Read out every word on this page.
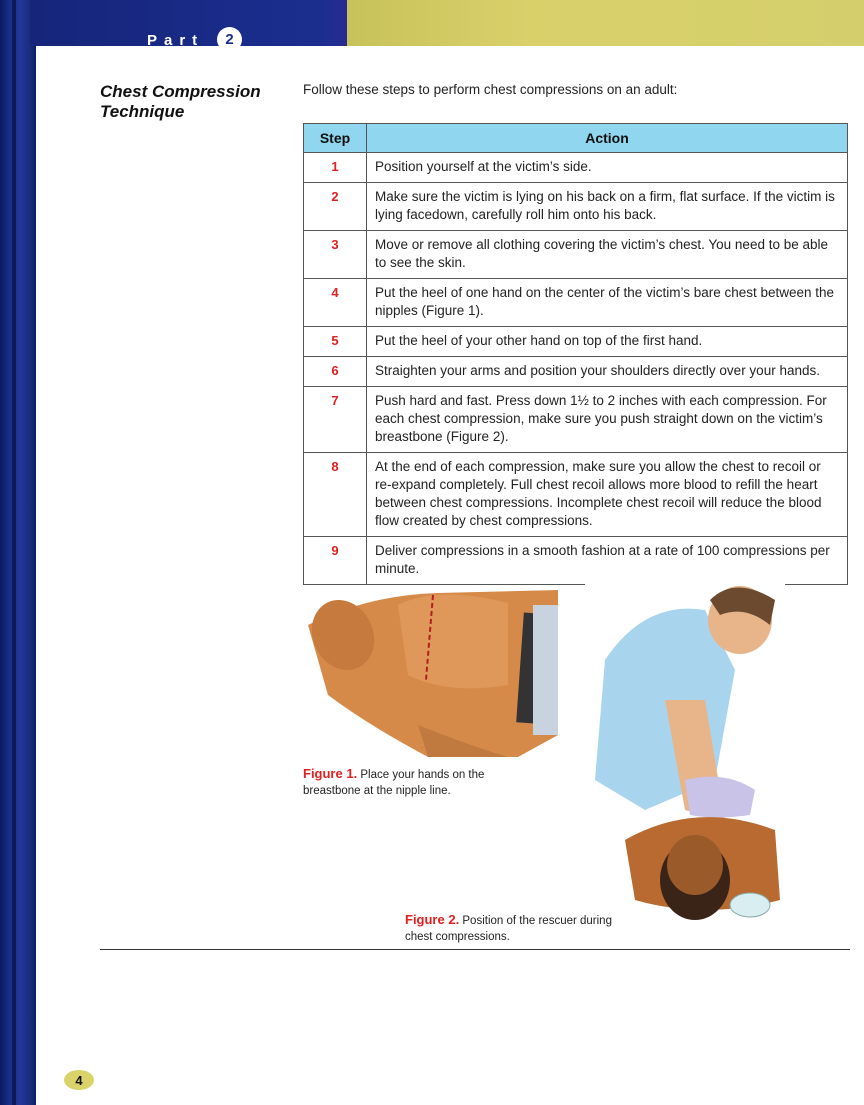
Part	2
Chest Compression Technique
Follow these steps to perform chest compressions on an adult:
Step	Action
1	Position yourself at the victim’s side.
2	Make sure the victim is lying on his back on a firm, flat surface. If the victim is lying facedown, carefully roll him onto his back.
3	Move or remove all clothing covering the victim’s chest. You need to be able to see the skin.
4	Put the heel of one hand on the center of the victim’s bare chest between the nipples (Figure 1).
5	Put the heel of your other hand on top of the first hand.
6	Straighten your arms and position your shoulders directly over your hands.
7	Push hard and fast. Press down 1½ to 2 inches with each compression. For each chest compression, make sure you push straight down on the victim’s breastbone (Figure 2).
8	At the end of each compression, make sure you allow the chest to recoil or re-expand completely. Full chest recoil allows more blood to refill the heart between chest compressions. Incomplete chest recoil will reduce the blood flow created by chest compressions.
9	Deliver compressions in a smooth fashion at a rate of 100 compressions per minute.
Figure 1. Place your hands on the breastbone at the nipple line.
Figure 2. Position of the rescuer during chest compressions.
4
